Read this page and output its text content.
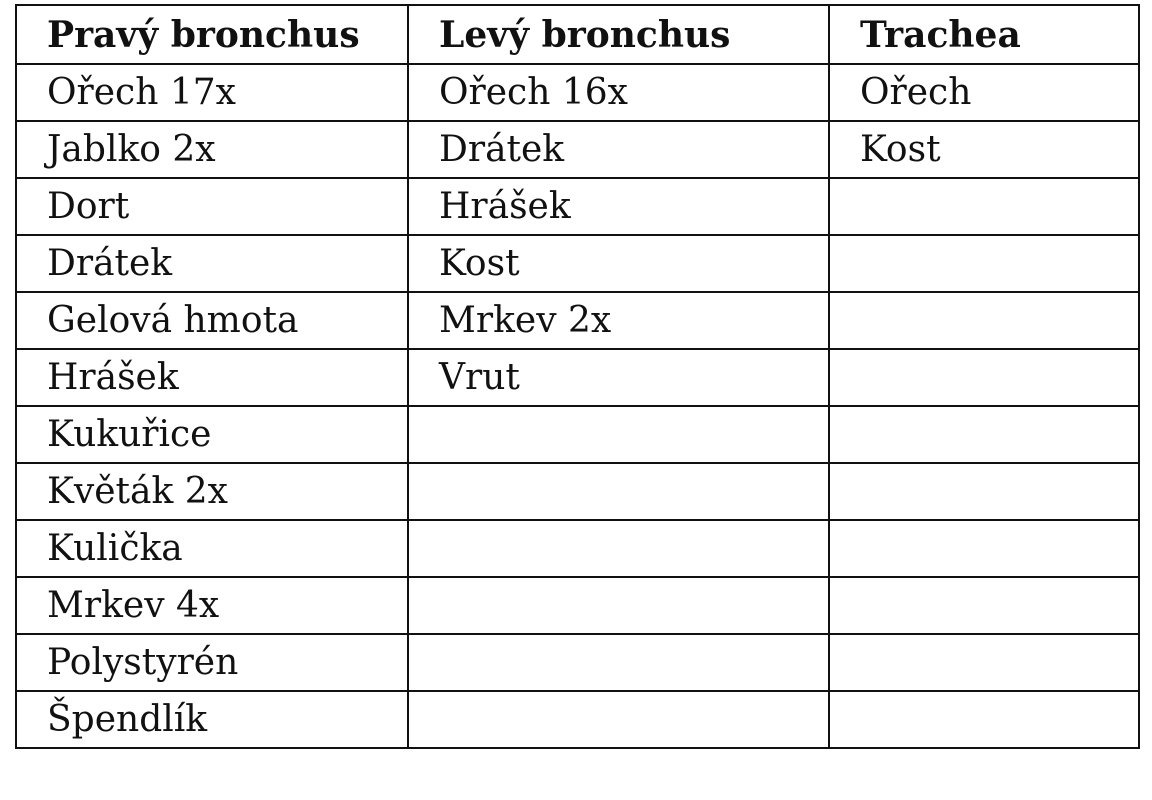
Pravý bronchus	Levý bronchus	Trachea
Ořech 17x	Ořech 16x	Ořech
Jablko 2x	Drátek	Kost
Dort	Hrášek	
Drátek	Kost	
Gelová hmota	Mrkev 2x	
Hrášek	Vrut	
Kukuřice		
Květák 2x		
Kulička		
Mrkev 4x		
Polystyrén		
Špendlík		
